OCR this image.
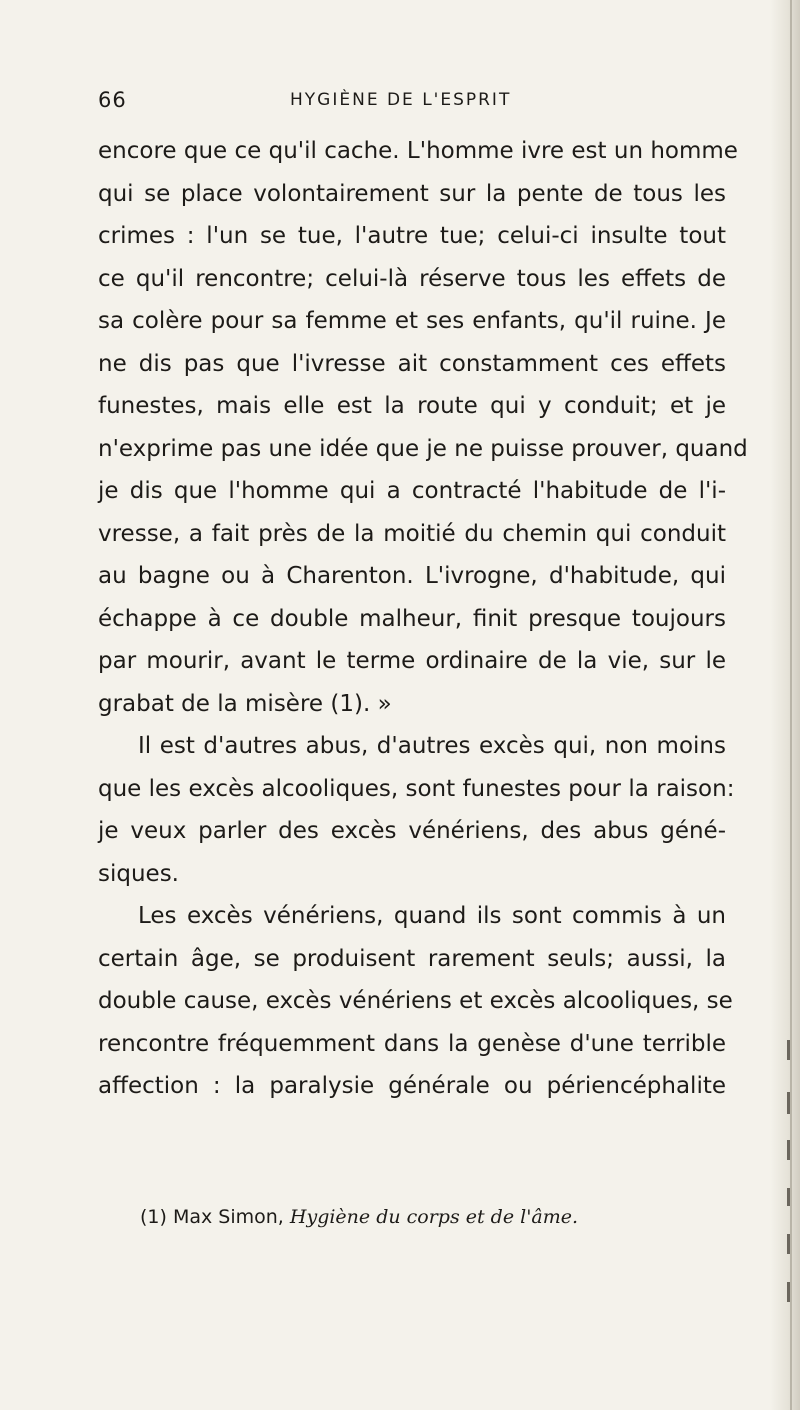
66	HYGIÈNE DE L'ESPRIT
encore que ce qu'il cache. L'homme ivre est un homme
qui se place volontairement sur la pente de tous les
crimes : l'un se tue, l'autre tue; celui-ci insulte tout
ce qu'il rencontre; celui-là réserve tous les effets de
sa colère pour sa femme et ses enfants, qu'il ruine. Je
ne dis pas que l'ivresse ait constamment ces effets
funestes, mais elle est la route qui y conduit; et je
n'exprime pas une idée que je ne puisse prouver, quand
je dis que l'homme qui a contracté l'habitude de l'i-
vresse, a fait près de la moitié du chemin qui conduit
au bagne ou à Charenton. L'ivrogne, d'habitude, qui
échappe à ce double malheur, finit presque toujours
par mourir, avant le terme ordinaire de la vie, sur le
grabat de la misère (1). »
Il est d'autres abus, d'autres excès qui, non moins
que les excès alcooliques, sont funestes pour la raison:
je veux parler des excès vénériens, des abus géné-
siques.
Les excès vénériens, quand ils sont commis à un
certain âge, se produisent rarement seuls; aussi, la
double cause, excès vénériens et excès alcooliques, se
rencontre fréquemment dans la genèse d'une terrible
affection : la paralysie générale ou périencéphalite
(1) Max Simon, Hygiène du corps et de l'âme.
